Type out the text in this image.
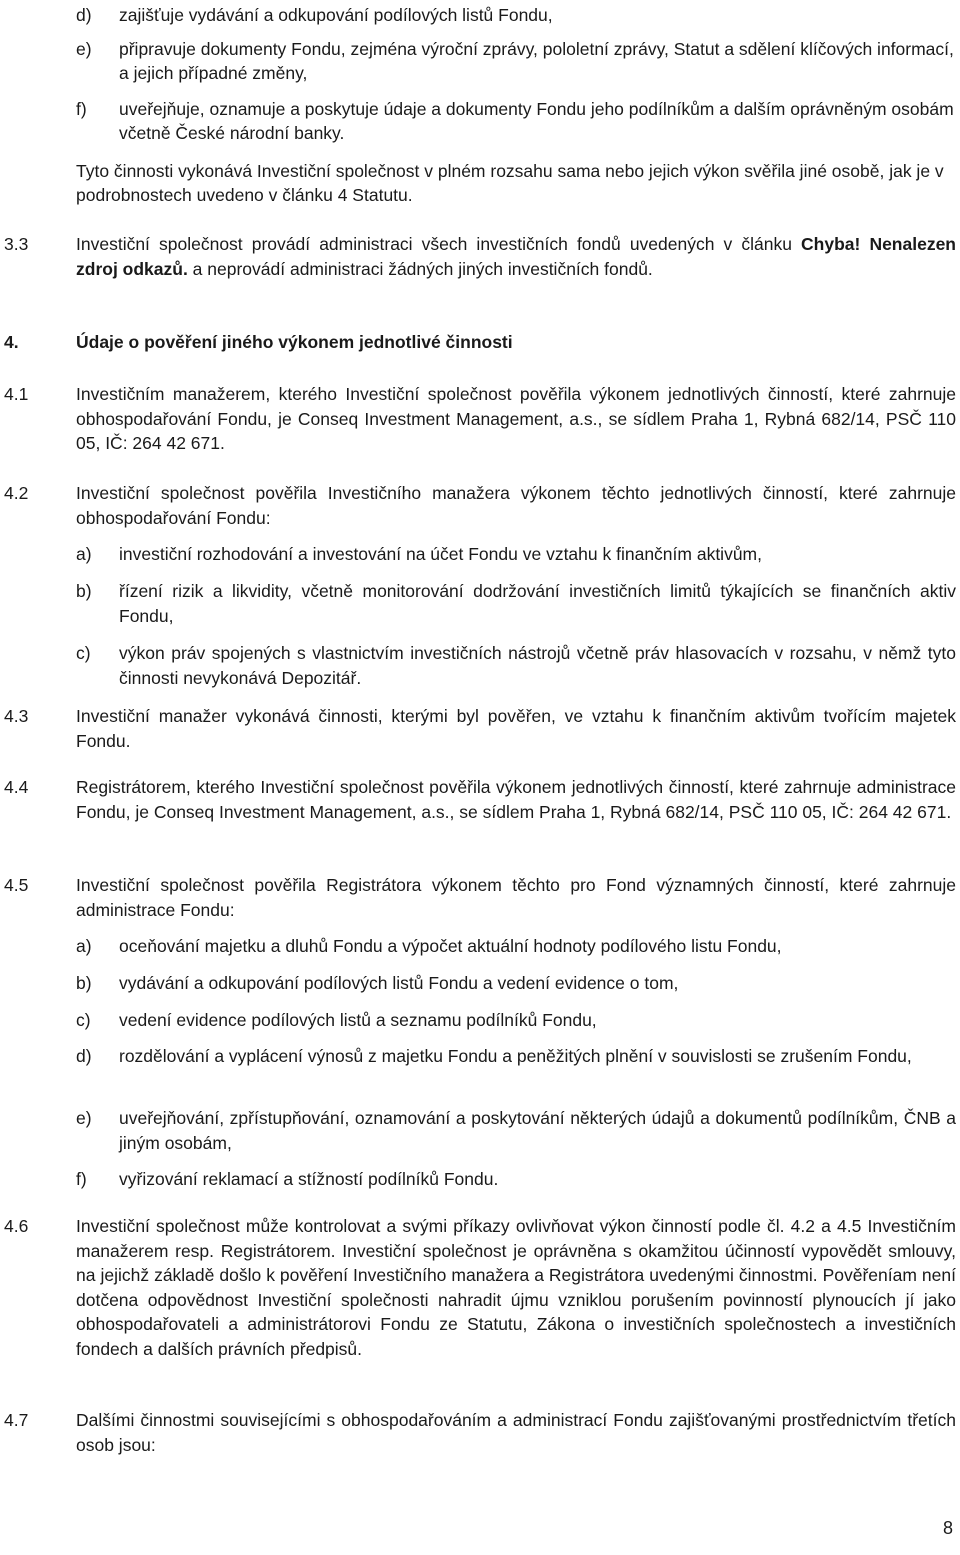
d) zajišťuje vydávání a odkupování podílových listů Fondu,
e) připravuje dokumenty Fondu, zejména výroční zprávy, pololetní zprávy, Statut a sdělení klíčových informací, a jejich případné změny,
f) uveřejňuje, oznamuje a poskytuje údaje a dokumenty Fondu jeho podílníkům a dalším oprávněným osobám včetně České národní banky.
Tyto činnosti vykonává Investiční společnost v plném rozsahu sama nebo jejich výkon svěřila jiné osobě, jak je v podrobnostech uvedeno v článku 4 Statutu.
3.3	Investiční společnost provádí administraci všech investičních fondů uvedených v článku Chyba! Nenalezen zdroj odkazů. a neprovádí administraci žádných jiných investičních fondů.
4.	Údaje o pověření jiného výkonem jednotlivé činnosti
4.1	Investičním manažerem, kterého Investiční společnost pověřila výkonem jednotlivých činností, které zahrnuje obhospodařování Fondu, je Conseq Investment Management, a.s., se sídlem Praha 1, Rybná 682/14, PSČ 110 05, IČ: 264 42 671.
4.2	Investiční společnost pověřila Investičního manažera výkonem těchto jednotlivých činností, které zahrnuje obhospodařování Fondu:
a) investiční rozhodování a investování na účet Fondu ve vztahu k finančním aktivům,
b) řízení rizik a likvidity, včetně monitorování dodržování investičních limitů týkajících se finančních aktiv Fondu,
c) výkon práv spojených s vlastnictvím investičních nástrojů včetně práv hlasovacích v rozsahu, v němž tyto činnosti nevykonává Depozitář.
4.3	Investiční manažer vykonává činnosti, kterými byl pověřen, ve vztahu k finančním aktivům tvořícím majetek Fondu.
4.4	Registrátorem, kterého Investiční společnost pověřila výkonem jednotlivých činností, které zahrnuje administrace Fondu, je Conseq Investment Management, a.s., se sídlem Praha 1, Rybná 682/14, PSČ 110 05, IČ: 264 42 671.
4.5	Investiční společnost pověřila Registrátora výkonem těchto pro Fond významných činností, které zahrnuje administrace Fondu:
a) oceňování majetku a dluhů Fondu a výpočet aktuální hodnoty podílového listu Fondu,
b) vydávání a odkupování podílových listů Fondu a vedení evidence o tom,
c) vedení evidence podílových listů a seznamu podílníků Fondu,
d) rozdělování a vyplácení výnosů z majetku Fondu a peněžitých plnění v souvislosti se zrušením Fondu,
e) uveřejňování, zpřístupňování, oznamování a poskytování některých údajů a dokumentů podílníkům, ČNB a jiným osobám,
f) vyřizování reklamací a stížností podílníků Fondu.
4.6	Investiční společnost může kontrolovat a svými příkazy ovlivňovat výkon činností podle čl. 4.2 a 4.5 Investičním manažerem resp. Registrátorem. Investiční společnost je oprávněna s okamžitou účinností vypovědět smlouvy, na jejichž základě došlo k pověření Investičního manažera a Registrátora uvedenými činnostmi. Pověřeníam není dotčena odpovědnost Investiční společnosti nahradit újmu vzniklou porušením povinností plynoucích jí jako obhospodařovateli a administrátorovi Fondu ze Statutu, Zákona o investičních společnostech a investičních fondech a dalších právních předpisů.
4.7	Dalšími činnostmi souvisejícími s obhospodařováním a administrací Fondu zajišťovanými prostřednictvím třetích osob jsou:
8
